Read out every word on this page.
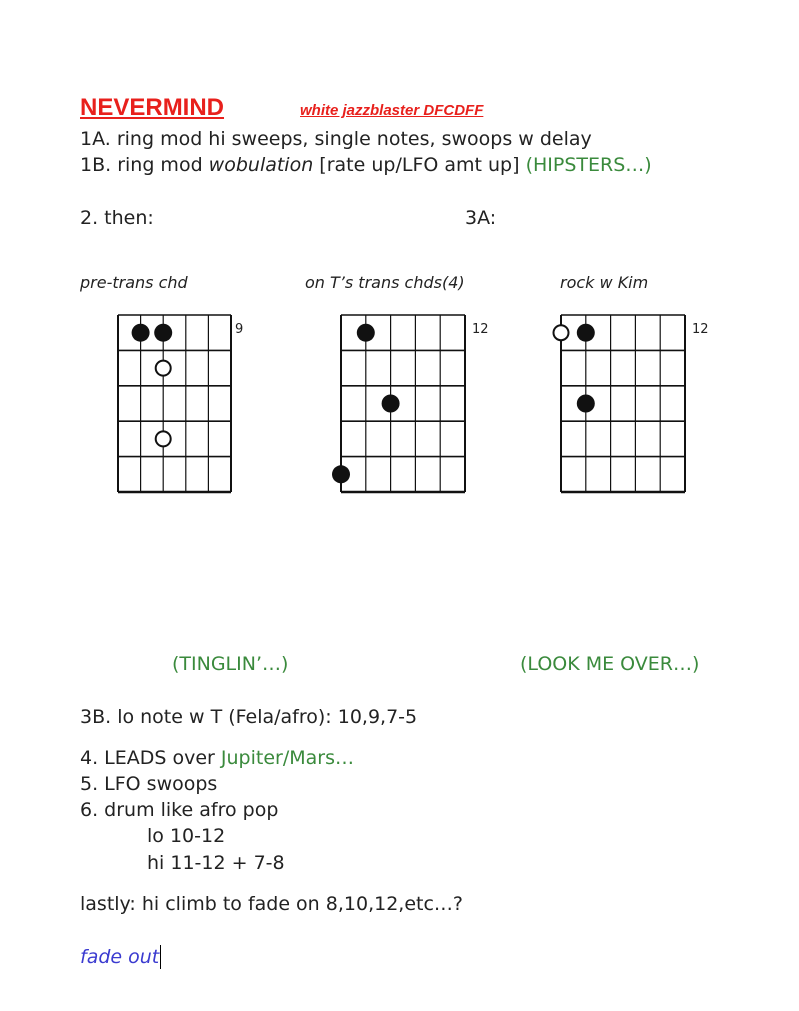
NEVERMIND	white jazzblaster DFCDFF
1A. ring mod hi sweeps, single notes, swoops w delay
1B. ring mod wobulation [rate up/LFO amt up] (HIPSTERS…)
2. then:	3A:
pre-trans chd	on T’s trans chds(4)	rock w Kim
9	12	12
(TINGLIN’…)	(LOOK ME OVER…)
3B. lo note w T (Fela/afro): 10,9,7-5
4. LEADS over Jupiter/Mars…
5. LFO swoops
6. drum like afro pop
lo 10-12
hi 11-12 + 7-8
lastly: hi climb to fade on 8,10,12,etc…?
fade out
